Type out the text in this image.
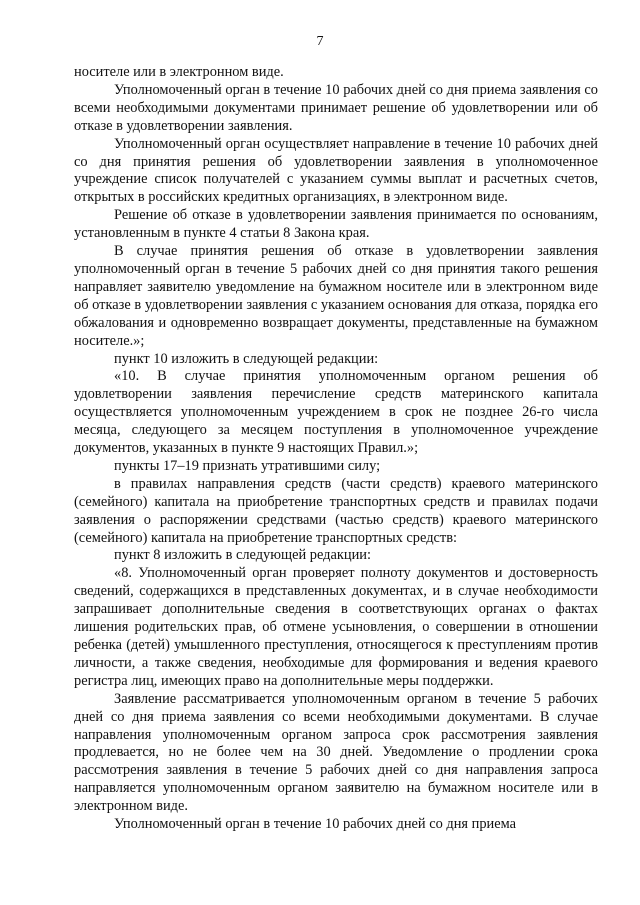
7

носителе или в электронном виде.

Уполномоченный орган в течение 10 рабочих дней со дня приема заявления со всеми необходимыми документами принимает решение об удовлетворении или об отказе в удовлетворении заявления.

Уполномоченный орган осуществляет направление в течение 10 рабочих дней со дня принятия решения об удовлетворении заявления в уполномоченное учреждение список получателей с указанием суммы выплат и расчетных счетов, открытых в российских кредитных организациях, в электронном виде.

Решение об отказе в удовлетворении заявления принимается по основаниям, установленным в пункте 4 статьи 8 Закона края.

В случае принятия решения об отказе в удовлетворении заявления уполномоченный орган в течение 5 рабочих дней со дня принятия такого решения направляет заявителю уведомление на бумажном носителе или в электронном виде об отказе в удовлетворении заявления с указанием основания для отказа, порядка его обжалования и одновременно возвращает документы, представленные на бумажном носителе.»;

пункт 10 изложить в следующей редакции:

«10. В случае принятия уполномоченным органом решения об удовлетворении заявления перечисление средств материнского капитала осуществляется уполномоченным учреждением в срок не позднее 26-го числа месяца, следующего за месяцем поступления в уполномоченное учреждение документов, указанных в пункте 9 настоящих Правил.»;

пункты 17–19 признать утратившими силу;

в правилах направления средств (части средств) краевого материнского (семейного) капитала на приобретение транспортных средств и правилах подачи заявления о распоряжении средствами (частью средств) краевого материнского (семейного) капитала на приобретение транспортных средств:

пункт 8 изложить в следующей редакции:

«8. Уполномоченный орган проверяет полноту документов и достоверность сведений, содержащихся в представленных документах, и в случае необходимости запрашивает дополнительные сведения в соответствующих органах о фактах лишения родительских прав, об отмене усыновления, о совершении в отношении ребенка (детей) умышленного преступления, относящегося к преступлениям против личности, а также сведения, необходимые для формирования и ведения краевого регистра лиц, имеющих право на дополнительные меры поддержки.

Заявление рассматривается уполномоченным органом в течение 5 рабочих дней со дня приема заявления со всеми необходимыми документами. В случае направления уполномоченным органом запроса срок рассмотрения заявления продлевается, но не более чем на 30 дней. Уведомление о продлении срока рассмотрения заявления в течение 5 рабочих дней со дня направления запроса направляется уполномоченным органом заявителю на бумажном носителе или в электронном виде.

Уполномоченный орган в течение 10 рабочих дней со дня приема
